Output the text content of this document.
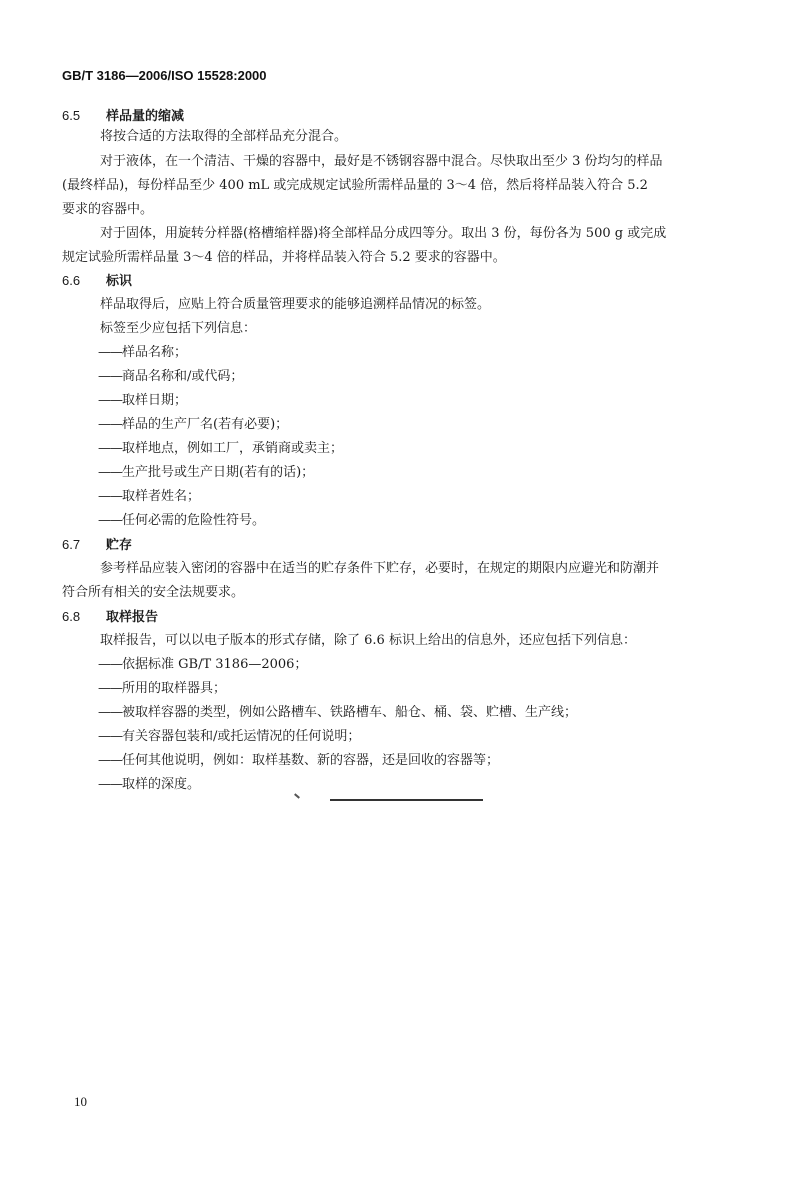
GB/T 3186—2006/ISO 15528:2000
6.5 样品量的缩减
将按合适的方法取得的全部样品充分混合。
对于液体，在一个清洁、干燥的容器中，最好是不锈钢容器中混合。尽快取出至少 3 份均匀的样品
(最终样品)，每份样品至少 400 mL 或完成规定试验所需样品量的 3～4 倍，然后将样品装入符合 5.2
要求的容器中。
对于固体，用旋转分样器(格槽缩样器)将全部样品分成四等分。取出 3 份，每份各为 500 g 或完成
规定试验所需样品量 3～4 倍的样品，并将样品装入符合 5.2 要求的容器中。
6.6 标识
样品取得后，应贴上符合质量管理要求的能够追溯样品情况的标签。
标签至少应包括下列信息：
——样品名称；
——商品名称和/或代码；
——取样日期；
——样品的生产厂名(若有必要)；
——取样地点，例如工厂，承销商或卖主；
——生产批号或生产日期(若有的话)；
——取样者姓名；
——任何必需的危险性符号。
6.7 贮存
参考样品应装入密闭的容器中在适当的贮存条件下贮存，必要时，在规定的期限内应避光和防潮并
符合所有相关的安全法规要求。
6.8 取样报告
取样报告，可以以电子版本的形式存储，除了 6.6 标识上给出的信息外，还应包括下列信息：
——依据标准 GB/T 3186—2006；
——所用的取样器具；
——被取样容器的类型，例如公路槽车、铁路槽车、船仓、桶、袋、贮槽、生产线；
——有关容器包装和/或托运情况的任何说明；
——任何其他说明，例如：取样基数、新的容器，还是回收的容器等；
——取样的深度。
10
